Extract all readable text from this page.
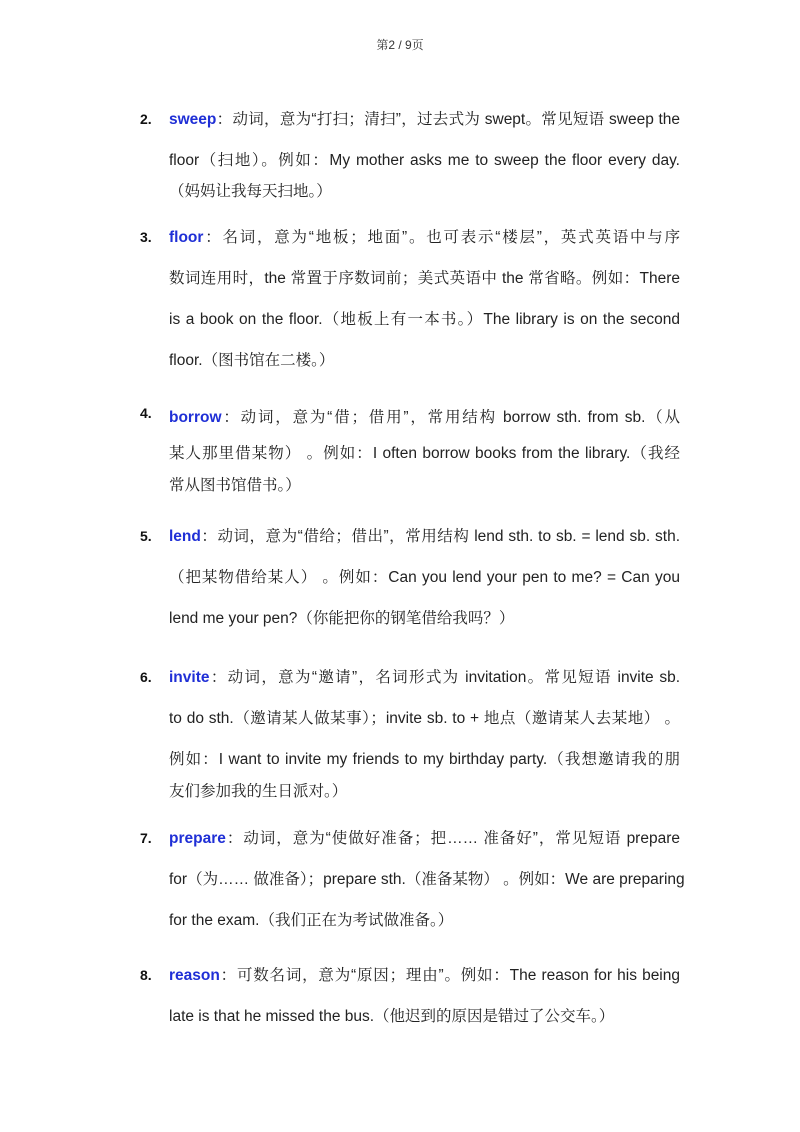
第2 / 9页
2. sweep：动词，意为“打扫；清扫”，过去式为 swept。常见短语 sweep the
floor（扫地）。例如：My mother asks me to sweep the floor every day.
（妈妈让我每天扫地。）
3. floor：名词，意为“地板；地面”。也可表示“楼层”，英式英语中与序
数词连用时，the 常置于序数词前；美式英语中 the 常省略。例如：There
is a book on the floor.（地板上有一本书。）The library is on the second
floor.（图书馆在二楼。）
4. borrow：动词，意为“借；借用”，常用结构 borrow sth. from sb.（从
某人那里借某物） 。例如：I often borrow books from the library.（我经
常从图书馆借书。）
5. lend：动词，意为“借给；借出”，常用结构 lend sth. to sb. = lend sb. sth.
（把某物借给某人） 。例如：Can you lend your pen to me? = Can you
lend me your pen?（你能把你的钢笔借给我吗？）
6. invite：动词，意为“邀请”，名词形式为 invitation。常见短语 invite sb.
to do sth.（邀请某人做某事）；invite sb. to + 地点（邀请某人去某地） 。
例如：I want to invite my friends to my birthday party.（我想邀请我的朋
友们参加我的生日派对。）
7. prepare：动词，意为“使做好准备；把…… 准备好”，常见短语 prepare
for（为…… 做准备）；prepare sth.（准备某物） 。例如：We are preparing
for the exam.（我们正在为考试做准备。）
8. reason：可数名词，意为“原因；理由”。例如：The reason for his being
late is that he missed the bus.（他迟到的原因是错过了公交车。）
